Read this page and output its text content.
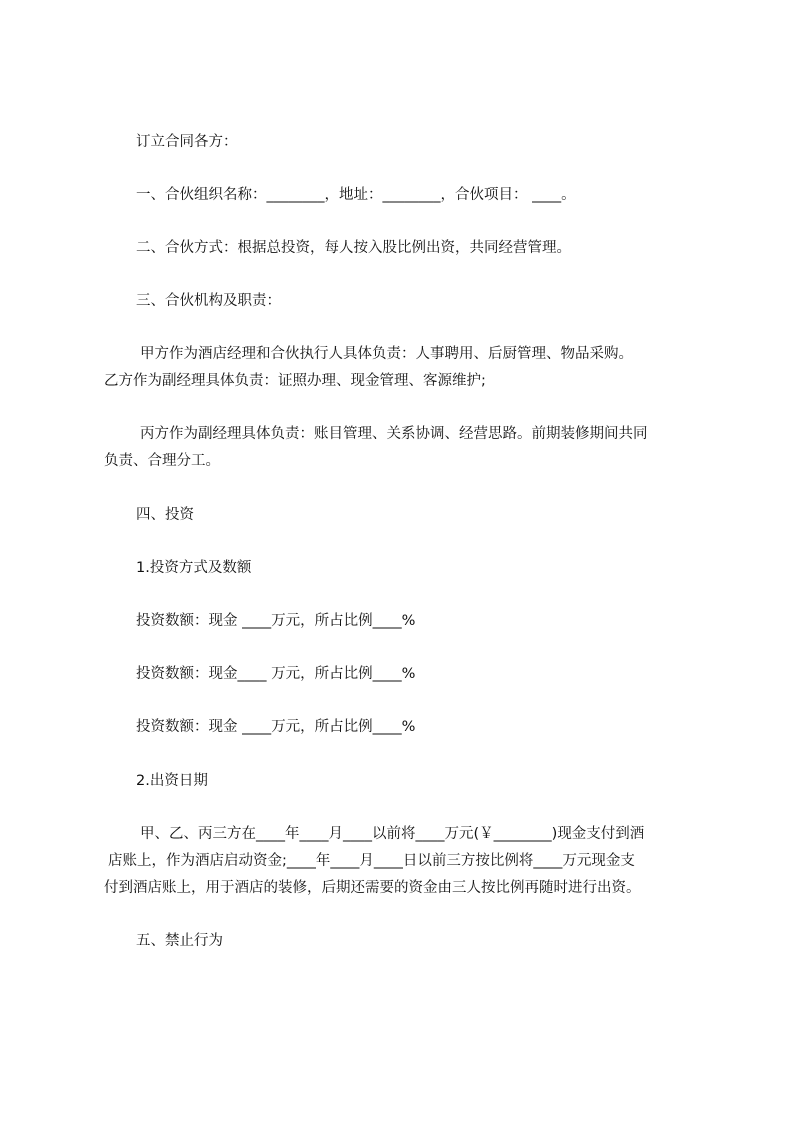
订立合同各方：

一、合伙组织名称：________，地址：________，合伙项目： ____。

二、合伙方式：根据总投资，每人按入股比例出资，共同经营管理。

三、合伙机构及职责：

甲方作为酒店经理和合伙执行人具体负责：人事聘用、后厨管理、物品采购。

乙方作为副经理具体负责：证照办理、现金管理、客源维护;

丙方作为副经理具体负责：账目管理、关系协调、经营思路。前期装修期间共同

负责、合理分工。

四、投资

1.投资方式及数额

投资数额：现金 ____万元，所占比例____%

投资数额：现金____ 万元，所占比例____%

投资数额：现金 ____万元，所占比例____%

2.出资日期

甲、乙、丙三方在____年____月____以前将____万元(￥________)现金支付到酒

店账上，作为酒店启动资金;____年____月____日以前三方按比例将____万元现金支

付到酒店账上，用于酒店的装修，后期还需要的资金由三人按比例再随时进行出资。

五、禁止行为
